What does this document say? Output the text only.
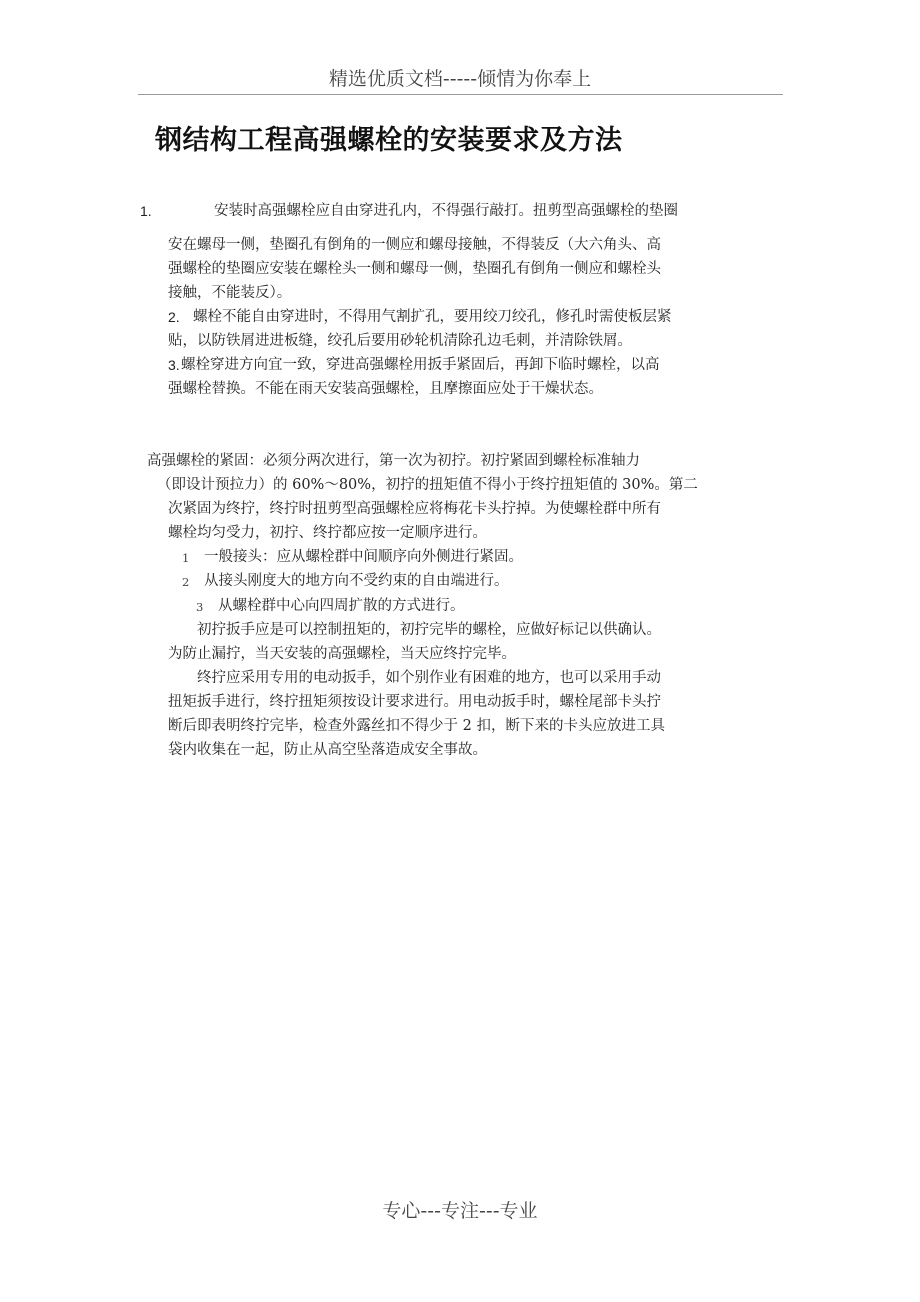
精选优质文档-----倾情为你奉上
钢结构工程高强螺栓的安装要求及方法
1.	安装时高强螺栓应自由穿进孔内，不得强行敲打。扭剪型高强螺栓的垫圈
安在螺母一侧，垫圈孔有倒角的一侧应和螺母接触，不得装反（大六角头、高
强螺栓的垫圈应安装在螺栓头一侧和螺母一侧，垫圈孔有倒角一侧应和螺栓头
接触，不能装反）。
2. 螺栓不能自由穿进时，不得用气割扩孔，要用绞刀绞孔，修孔时需使板层紧
贴，以防铁屑进进板缝，绞孔后要用砂轮机清除孔边毛刺，并清除铁屑。
3. 螺栓穿进方向宜一致，穿进高强螺栓用扳手紧固后，再卸下临时螺栓，以高
强螺栓替换。不能在雨天安装高强螺栓，且摩擦面应处于干燥状态。
高强螺栓的紧固：必须分两次进行，第一次为初拧。初拧紧固到螺栓标准轴力
（即设计预拉力）的 60%～80%，初拧的扭矩值不得小于终拧扭矩值的 30%。第二
次紧固为终拧，终拧时扭剪型高强螺栓应将梅花卡头拧掉。为使螺栓群中所有
螺栓均匀受力，初拧、终拧都应按一定顺序进行。
1 一般接头：应从螺栓群中间顺序向外侧进行紧固。
2 从接头刚度大的地方向不受约束的自由端进行。
3 从螺栓群中心向四周扩散的方式进行。
初拧扳手应是可以控制扭矩的，初拧完毕的螺栓，应做好标记以供确认。
为防止漏拧，当天安装的高强螺栓，当天应终拧完毕。
终拧应采用专用的电动扳手，如个别作业有困难的地方，也可以采用手动
扭矩扳手进行，终拧扭矩须按设计要求进行。用电动扳手时，螺栓尾部卡头拧
断后即表明终拧完毕，检查外露丝扣不得少于 2 扣，断下来的卡头应放进工具
袋内收集在一起，防止从高空坠落造成安全事故。
专心---专注---专业
